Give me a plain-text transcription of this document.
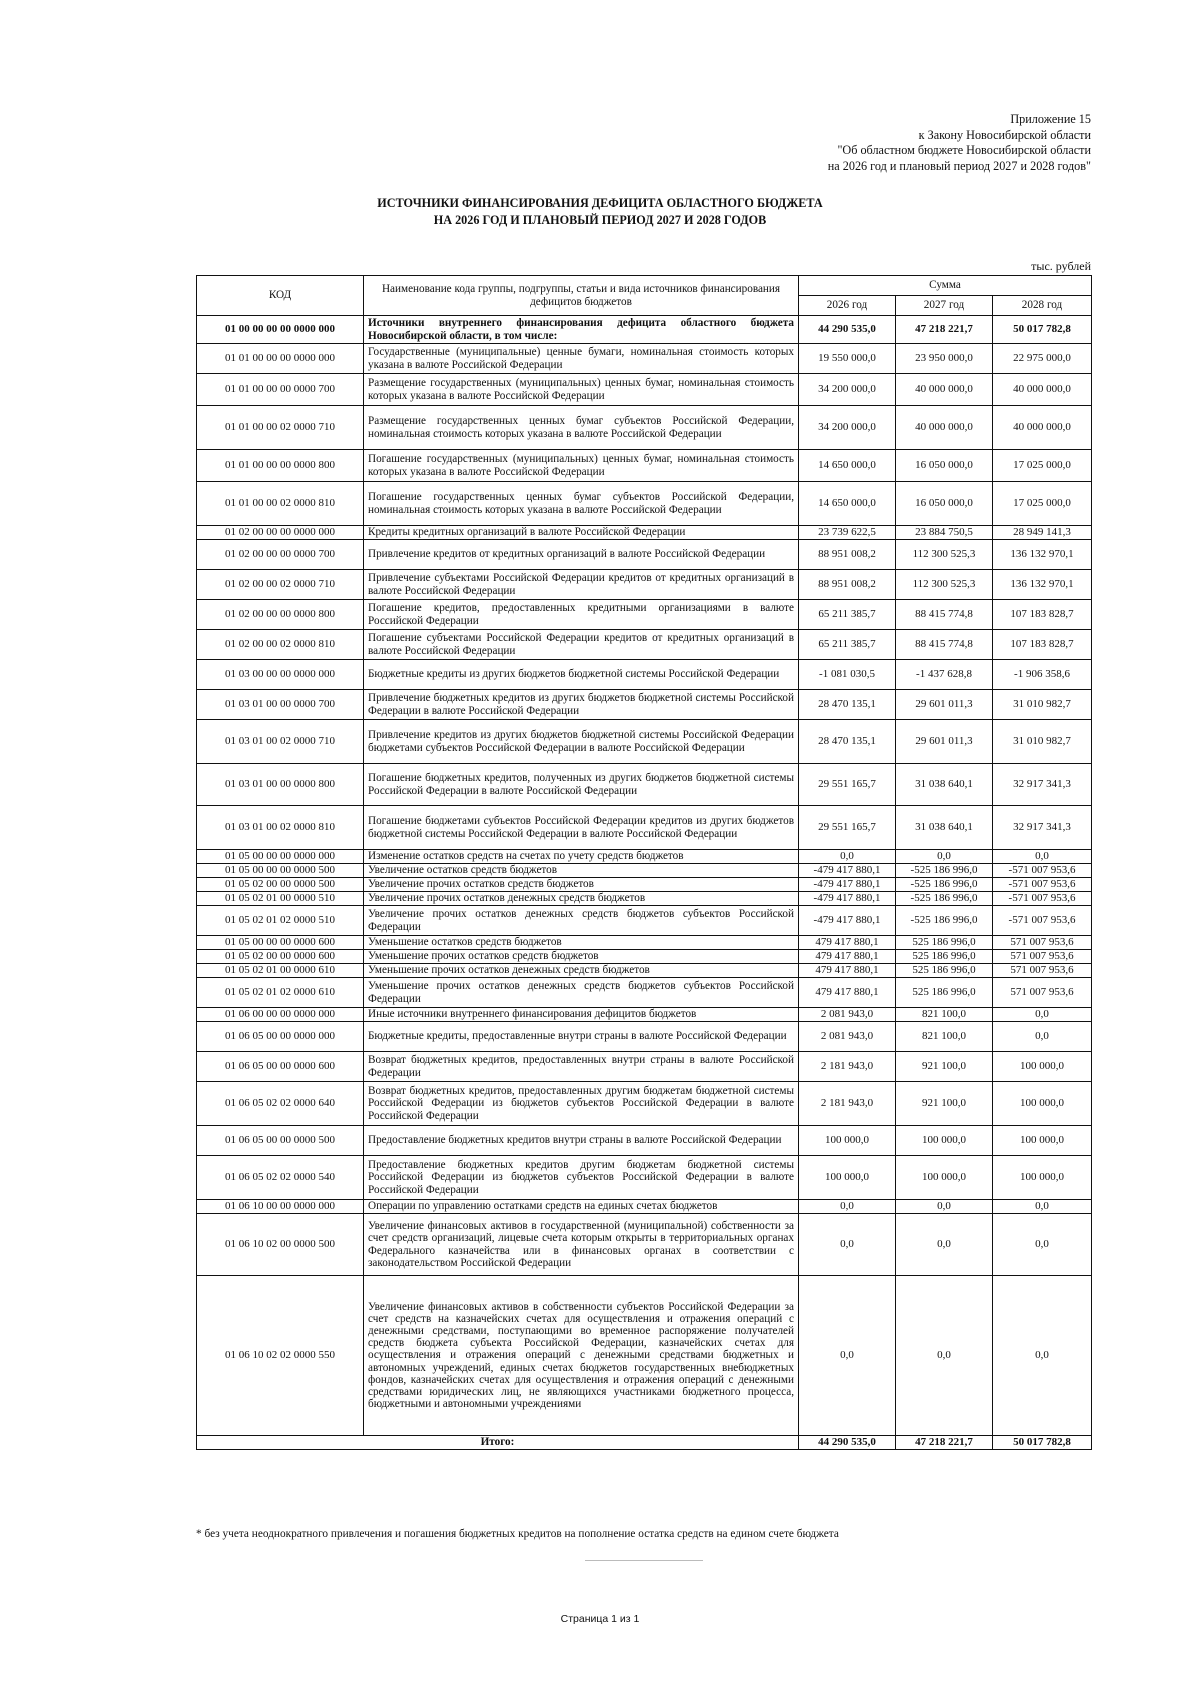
Приложение 15
к Закону Новосибирской области
"Об областном бюджете Новосибирской области
на 2026 год и плановый период 2027 и 2028 годов"
ИСТОЧНИКИ ФИНАНСИРОВАНИЯ ДЕФИЦИТА ОБЛАСТНОГО БЮДЖЕТА
НА 2026 ГОД И ПЛАНОВЫЙ ПЕРИОД 2027 И 2028 ГОДОВ
тыс. рублей
КОД	Наименование кода группы, подгруппы, статьи и вида источников финансирования дефицитов бюджетов	Сумма		
		2026 год	2027 год	2028 год
01 00 00 00 00 0000 000	Источники внутреннего финансирования дефицита областного бюджета Новосибирской области, в том числе:	44 290 535,0	47 218 221,7	50 017 782,8
01 01 00 00 00 0000 000	Государственные (муниципальные) ценные бумаги, номинальная стоимость которых указана в валюте Российской Федерации	19 550 000,0	23 950 000,0	22 975 000,0
01 01 00 00 00 0000 700	Размещение государственных (муниципальных) ценных бумаг, номинальная стоимость которых указана в валюте Российской Федерации	34 200 000,0	40 000 000,0	40 000 000,0
01 01 00 00 02 0000 710	Размещение государственных ценных бумаг субъектов Российской Федерации, номинальная стоимость которых указана в валюте Российской Федерации	34 200 000,0	40 000 000,0	40 000 000,0
01 01 00 00 00 0000 800	Погашение государственных (муниципальных) ценных бумаг, номинальная стоимость которых указана в валюте Российской Федерации	14 650 000,0	16 050 000,0	17 025 000,0
01 01 00 00 02 0000 810	Погашение государственных ценных бумаг субъектов Российской Федерации, номинальная стоимость которых указана в валюте Российской Федерации	14 650 000,0	16 050 000,0	17 025 000,0
01 02 00 00 00 0000 000	Кредиты кредитных организаций в валюте Российской Федерации	23 739 622,5	23 884 750,5	28 949 141,3
01 02 00 00 00 0000 700	Привлечение кредитов от кредитных организаций в валюте Российской Федерации	88 951 008,2	112 300 525,3	136 132 970,1
01 02 00 00 02 0000 710	Привлечение субъектами Российской Федерации кредитов от кредитных организаций в валюте Российской Федерации	88 951 008,2	112 300 525,3	136 132 970,1
01 02 00 00 00 0000 800	Погашение кредитов, предоставленных кредитными организациями в валюте Российской Федерации	65 211 385,7	88 415 774,8	107 183 828,7
01 02 00 00 02 0000 810	Погашение субъектами Российской Федерации кредитов от кредитных организаций в валюте Российской Федерации	65 211 385,7	88 415 774,8	107 183 828,7
01 03 00 00 00 0000 000	Бюджетные кредиты из других бюджетов бюджетной системы Российской Федерации	-1 081 030,5	-1 437 628,8	-1 906 358,6
01 03 01 00 00 0000 700	Привлечение бюджетных кредитов из других бюджетов бюджетной системы Российской Федерации в валюте Российской Федерации	28 470 135,1	29 601 011,3	31 010 982,7
01 03 01 00 02 0000 710	Привлечение кредитов из других бюджетов бюджетной системы Российской Федерации бюджетами субъектов Российской Федерации в валюте Российской Федерации	28 470 135,1	29 601 011,3	31 010 982,7
01 03 01 00 00 0000 800	Погашение бюджетных кредитов, полученных из других бюджетов бюджетной системы Российской Федерации в валюте Российской Федерации	29 551 165,7	31 038 640,1	32 917 341,3
01 03 01 00 02 0000 810	Погашение бюджетами субъектов Российской Федерации кредитов из других бюджетов бюджетной системы Российской Федерации в валюте Российской Федерации	29 551 165,7	31 038 640,1	32 917 341,3
01 05 00 00 00 0000 000	Изменение остатков средств на счетах по учету средств бюджетов	0,0	0,0	0,0
01 05 00 00 00 0000 500	Увеличение остатков средств бюджетов	-479 417 880,1	-525 186 996,0	-571 007 953,6
01 05 02 00 00 0000 500	Увеличение прочих остатков средств бюджетов	-479 417 880,1	-525 186 996,0	-571 007 953,6
01 05 02 01 00 0000 510	Увеличение прочих остатков денежных средств бюджетов	-479 417 880,1	-525 186 996,0	-571 007 953,6
01 05 02 01 02 0000 510	Увеличение прочих остатков денежных средств бюджетов субъектов Российской Федерации	-479 417 880,1	-525 186 996,0	-571 007 953,6
01 05 00 00 00 0000 600	Уменьшение остатков средств бюджетов	479 417 880,1	525 186 996,0	571 007 953,6
01 05 02 00 00 0000 600	Уменьшение прочих остатков средств бюджетов	479 417 880,1	525 186 996,0	571 007 953,6
01 05 02 01 00 0000 610	Уменьшение прочих остатков денежных средств бюджетов	479 417 880,1	525 186 996,0	571 007 953,6
01 05 02 01 02 0000 610	Уменьшение прочих остатков денежных средств бюджетов субъектов Российской Федерации	479 417 880,1	525 186 996,0	571 007 953,6
01 06 00 00 00 0000 000	Иные источники внутреннего финансирования дефицитов бюджетов	2 081 943,0	821 100,0	0,0
01 06 05 00 00 0000 000	Бюджетные кредиты, предоставленные внутри страны в валюте Российской Федерации	2 081 943,0	821 100,0	0,0
01 06 05 00 00 0000 600	Возврат бюджетных кредитов, предоставленных внутри страны в валюте Российской Федерации	2 181 943,0	921 100,0	100 000,0
01 06 05 02 02 0000 640	Возврат бюджетных кредитов, предоставленных другим бюджетам бюджетной системы Российской Федерации из бюджетов субъектов Российской Федерации в валюте Российской Федерации	2 181 943,0	921 100,0	100 000,0
01 06 05 00 00 0000 500	Предоставление бюджетных кредитов внутри страны в валюте Российской Федерации	100 000,0	100 000,0	100 000,0
01 06 05 02 02 0000 540	Предоставление бюджетных кредитов другим бюджетам бюджетной системы Российской Федерации из бюджетов субъектов Российской Федерации в валюте Российской Федерации	100 000,0	100 000,0	100 000,0
01 06 10 00 00 0000 000	Операции по управлению остатками средств на единых счетах бюджетов	0,0	0,0	0,0
01 06 10 02 00 0000 500	Увеличение финансовых активов в государственной (муниципальной) собственности за счет средств организаций, лицевые счета которым открыты в территориальных органах Федерального казначейства или в финансовых органах в соответствии с законодательством Российской Федерации	0,0	0,0	0,0
01 06 10 02 02 0000 550	Увеличение финансовых активов в собственности субъектов Российской Федерации за счет средств на казначейских счетах для осуществления и отражения операций с денежными средствами, поступающими во временное распоряжение получателей средств бюджета субъекта Российской Федерации, казначейских счетах для осуществления и отражения операций с денежными средствами бюджетных и автономных учреждений, единых счетах бюджетов государственных внебюджетных фондов, казначейских счетах для осуществления и отражения операций с денежными средствами юридических лиц, не являющихся участниками бюджетного процесса, бюджетными и автономными учреждениями	0,0	0,0	0,0
Итого:		44 290 535,0	47 218 221,7	50 017 782,8
* без учета неоднократного привлечения и погашения бюджетных кредитов на пополнение остатка средств на едином счете бюджета
Страница 1 из 1
